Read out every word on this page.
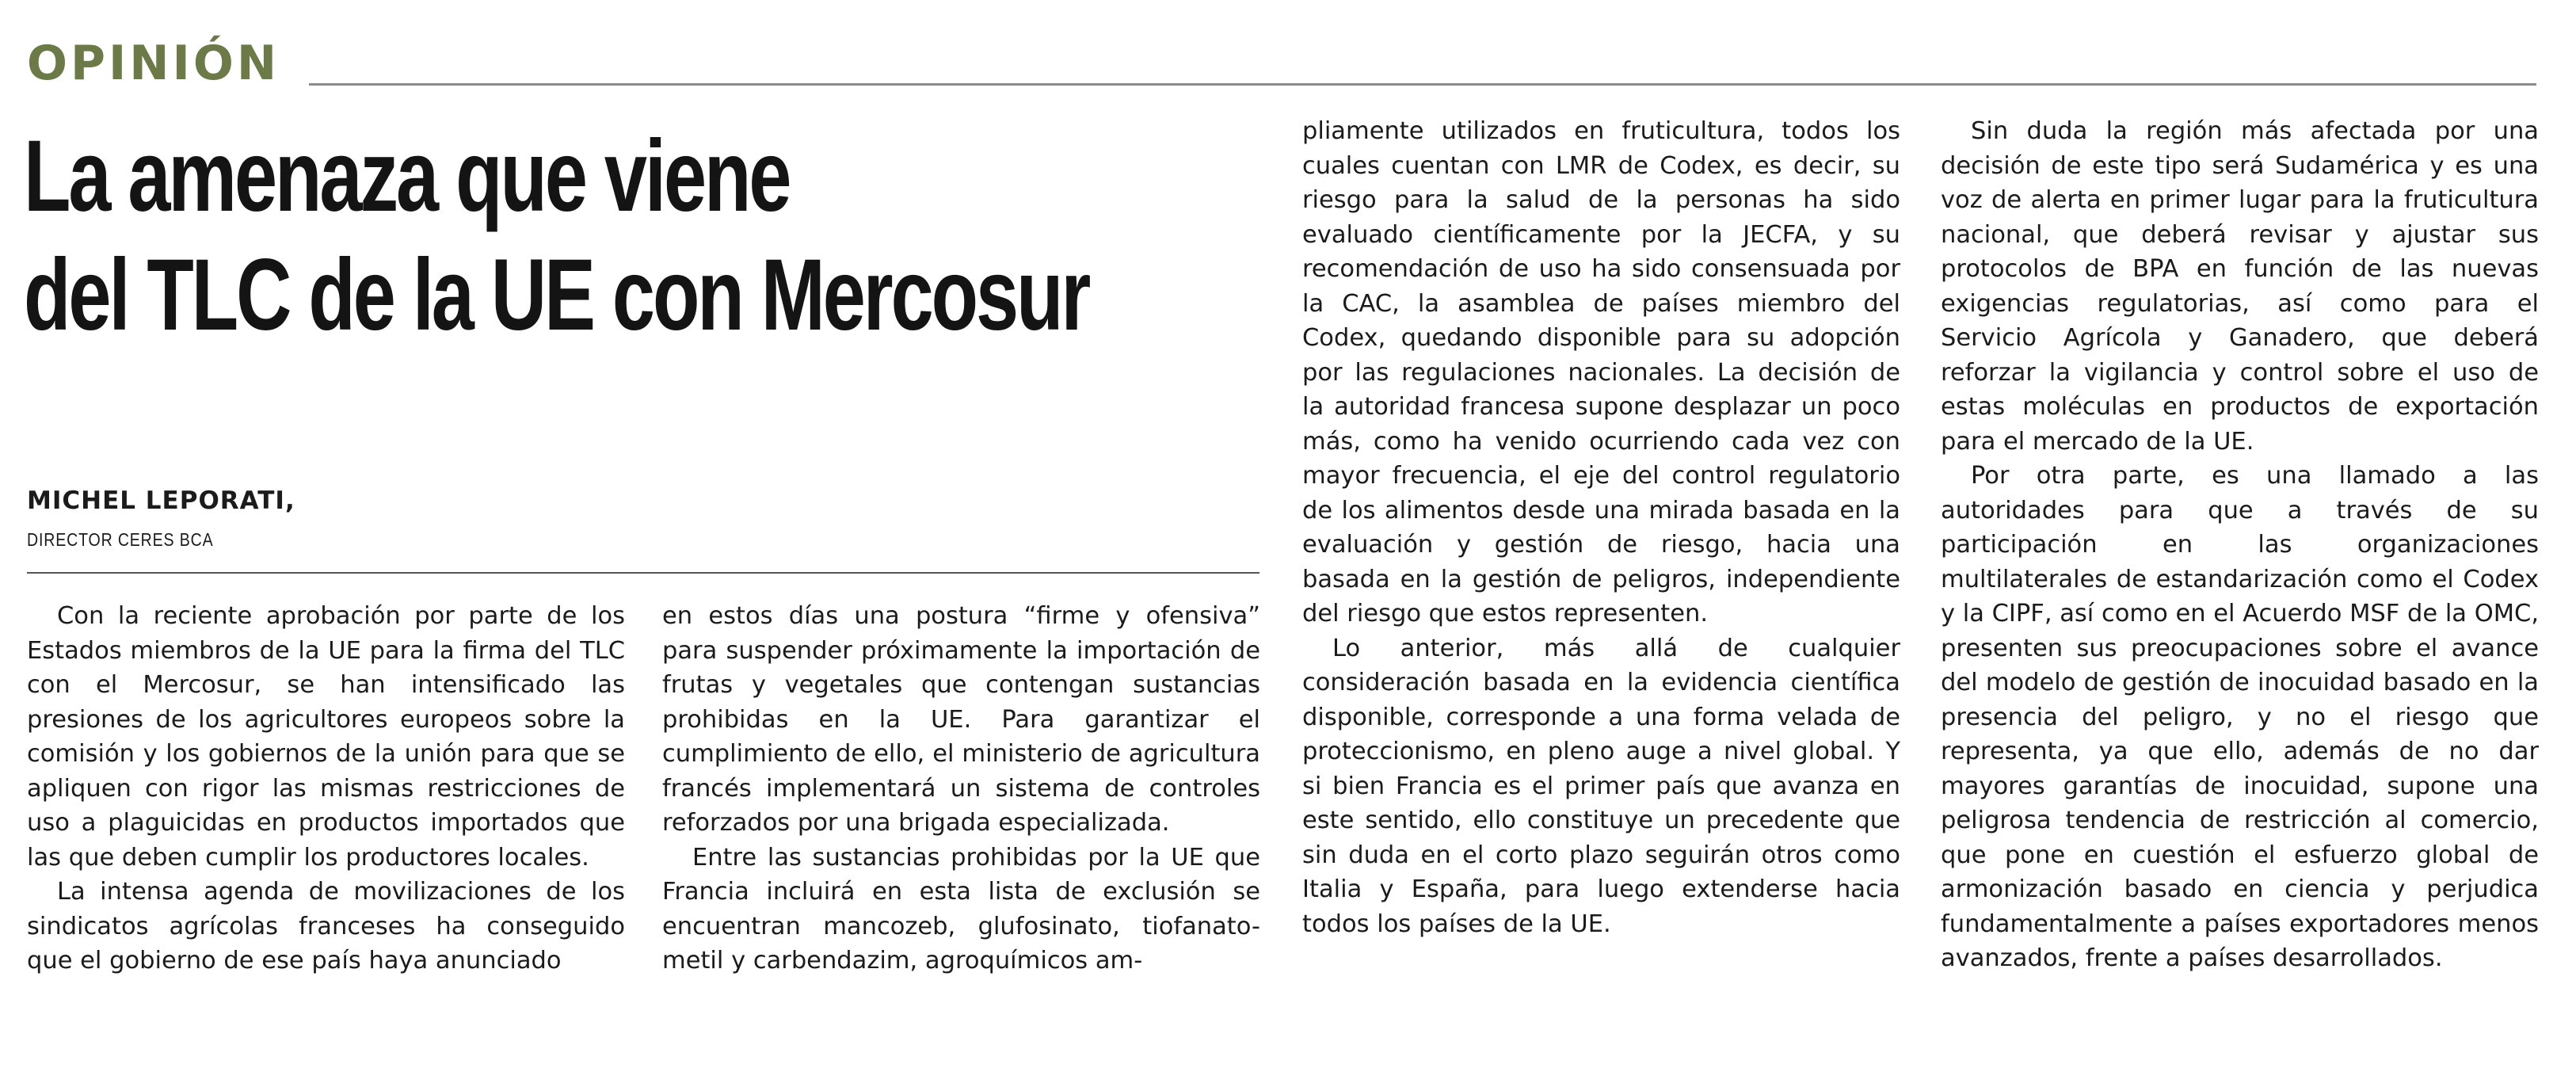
OPINIÓN
La amenaza que viene
del TLC de la UE con Mercosur

MICHEL LEPORATI,

DIRECTOR CERES BCA

Con la reciente aprobación por parte de los Estados miembros de la UE para la firma del TLC con el Mercosur, se han intensificado las presiones de los agricultores europeos sobre la comisión y los gobiernos de la unión para que se apliquen con rigor las mismas restricciones de uso a plaguicidas en productos importados que las que deben cumplir los productores locales.

La intensa agenda de movilizaciones de los sindicatos agrícolas franceses ha conseguido que el gobierno de ese país haya anunciado

en estos días una postura “firme y ofensiva” para suspender próximamente la importación de frutas y vegetales que contengan sustancias prohibidas en la UE. Para garantizar el cumplimiento de ello, el ministerio de agricultura francés implementará un sistema de controles reforzados por una brigada especializada.

Entre las sustancias prohibidas por la UE que Francia incluirá en esta lista de exclusión se encuentran mancozeb, glufosinato, tiofanato-metil y carbendazim, agroquímicos am-

pliamente utilizados en fruticultura, todos los cuales cuentan con LMR de Codex, es decir, su riesgo para la salud de la personas ha sido evaluado científicamente por la JECFA, y su recomendación de uso ha sido consensuada por la CAC, la asamblea de países miembro del Codex, quedando disponible para su adopción por las regulaciones nacionales. La decisión de la autoridad francesa supone desplazar un poco más, como ha venido ocurriendo cada vez con mayor frecuencia, el eje del control regulatorio de los alimentos desde una mirada basada en la evaluación y gestión de riesgo, hacia una basada en la gestión de peligros, independiente del riesgo que estos representen.

Lo anterior, más allá de cualquier consideración basada en la evidencia científica disponible, corresponde a una forma velada de proteccionismo, en pleno auge a nivel global. Y si bien Francia es el primer país que avanza en este sentido, ello constituye un precedente que sin duda en el corto plazo seguirán otros como Italia y España, para luego extenderse hacia todos los países de la UE.

Sin duda la región más afectada por una decisión de este tipo será Sudamérica y es una voz de alerta en primer lugar para la fruticultura nacional, que deberá revisar y ajustar sus protocolos de BPA en función de las nuevas exigencias regulatorias, así como para el Servicio Agrícola y Ganadero, que deberá reforzar la vigilancia y control sobre el uso de estas moléculas en productos de exportación para el mercado de la UE.

Por otra parte, es una llamado a las autoridades para que a través de su participación en las organizaciones multilaterales de estandarización como el Codex y la CIPF, así como en el Acuerdo MSF de la OMC, presenten sus preocupaciones sobre el avance del modelo de gestión de inocuidad basado en la presencia del peligro, y no el riesgo que representa, ya que ello, además de no dar mayores garantías de inocuidad, supone una peligrosa tendencia de restricción al comercio, que pone en cuestión el esfuerzo global de armonización basado en ciencia y perjudica fundamentalmente a países exportadores menos avanzados, frente a países desarrollados.
